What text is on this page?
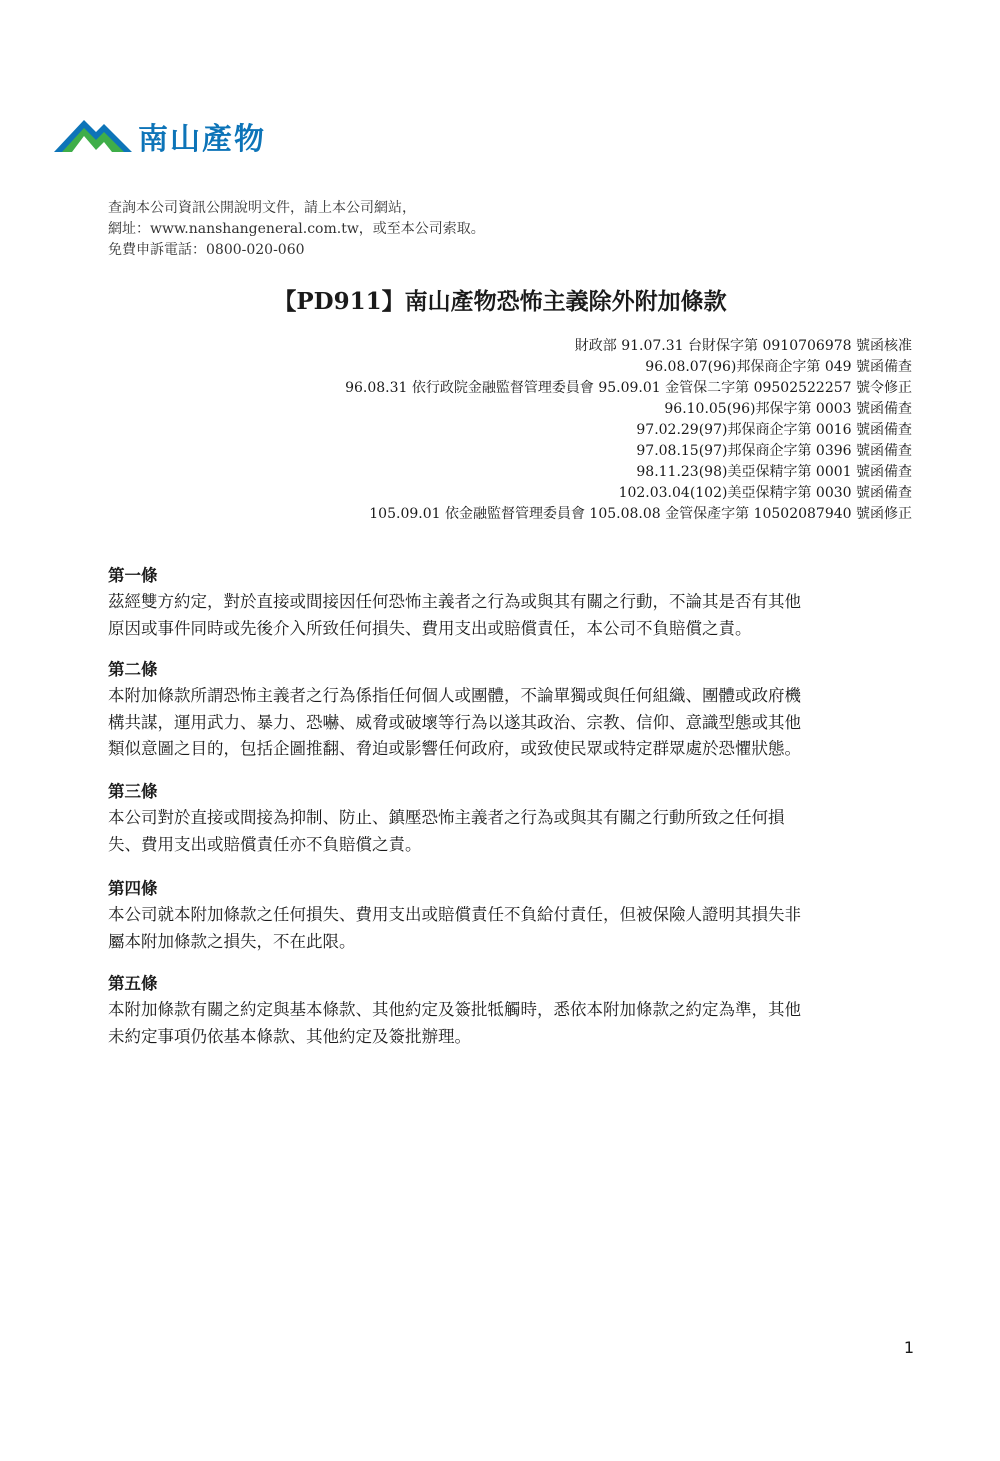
南山產物
查詢本公司資訊公開說明文件，請上本公司網站，
網址：www.nanshangeneral.com.tw，或至本公司索取。
免費申訴電話：0800-020-060
【PD911】南山產物恐怖主義除外附加條款
財政部 91.07.31 台財保字第 0910706978 號函核准
96.08.07(96)邦保商企字第 049 號函備查
96.08.31 依行政院金融監督管理委員會 95.09.01 金管保二字第 09502522257 號令修正
96.10.05(96)邦保字第 0003 號函備查
97.02.29(97)邦保商企字第 0016 號函備查
97.08.15(97)邦保商企字第 0396 號函備查
98.11.23(98)美亞保精字第 0001 號函備查
102.03.04(102)美亞保精字第 0030 號函備查
105.09.01 依金融監督管理委員會 105.08.08 金管保產字第 10502087940 號函修正
第一條
茲經雙方約定，對於直接或間接因任何恐怖主義者之行為或與其有關之行動，不論其是否有其他
原因或事件同時或先後介入所致任何損失、費用支出或賠償責任，本公司不負賠償之責。
第二條
本附加條款所謂恐怖主義者之行為係指任何個人或團體，不論單獨或與任何組織、團體或政府機
構共謀，運用武力、暴力、恐嚇、威脅或破壞等行為以遂其政治、宗教、信仰、意識型態或其他
類似意圖之目的，包括企圖推翻、脅迫或影響任何政府，或致使民眾或特定群眾處於恐懼狀態。
第三條
本公司對於直接或間接為抑制、防止、鎮壓恐怖主義者之行為或與其有關之行動所致之任何損
失、費用支出或賠償責任亦不負賠償之責。
第四條
本公司就本附加條款之任何損失、費用支出或賠償責任不負給付責任，但被保險人證明其損失非
屬本附加條款之損失，不在此限。
第五條
本附加條款有關之約定與基本條款、其他約定及簽批牴觸時，悉依本附加條款之約定為準，其他
未約定事項仍依基本條款、其他約定及簽批辦理。
1
